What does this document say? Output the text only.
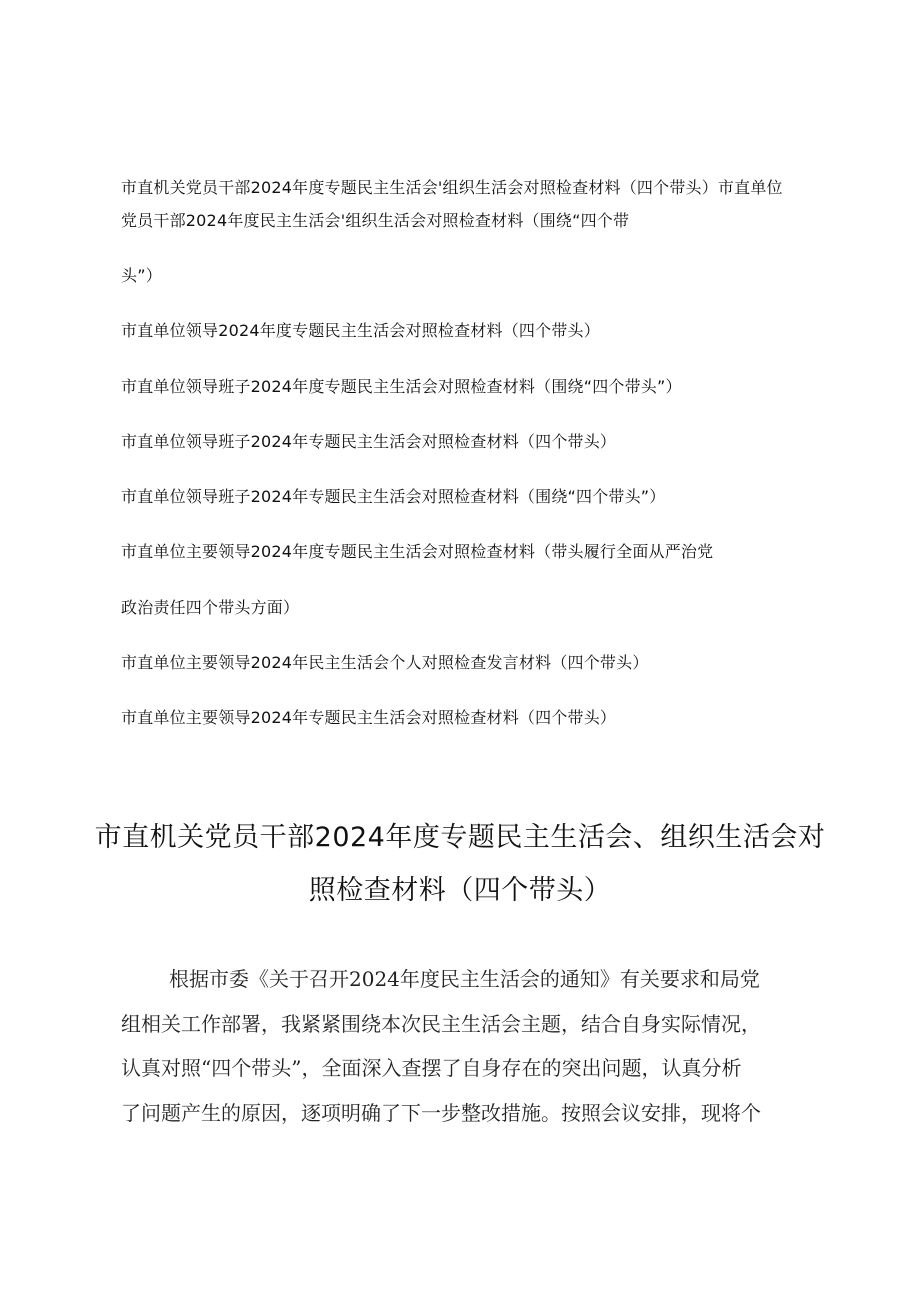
市直机关党员干部2024年度专题民主生活会'组织生活会对照检查材料（四个带头）市直单位
党员干部2024年度民主生活会'组织生活会对照检查材料（围绕“四个带
头”）
市直单位领导2024年度专题民主生活会对照检查材料（四个带头）
市直单位领导班子2024年度专题民主生活会对照检查材料（围绕“四个带头”）
市直单位领导班子2024年专题民主生活会对照检查材料（四个带头）
市直单位领导班子2024年专题民主生活会对照检查材料（围绕“四个带头”）
市直单位主要领导2024年度专题民主生活会对照检查材料（带头履行全面从严治党
政治责任四个带头方面）
市直单位主要领导2024年民主生活会个人对照检查发言材料（四个带头）
市直单位主要领导2024年专题民主生活会对照检查材料（四个带头）
市直机关党员干部2024年度专题民主生活会、组织生活会对
照检查材料（四个带头）
根据市委《关于召开2024年度民主生活会的通知》有关要求和局党
组相关工作部署，我紧紧围绕本次民主生活会主题，结合自身实际情况，
认真对照“四个带头”，全面深入查摆了自身存在的突出问题，认真分析
了问题产生的原因，逐项明确了下一步整改措施。按照会议安排，现将个
